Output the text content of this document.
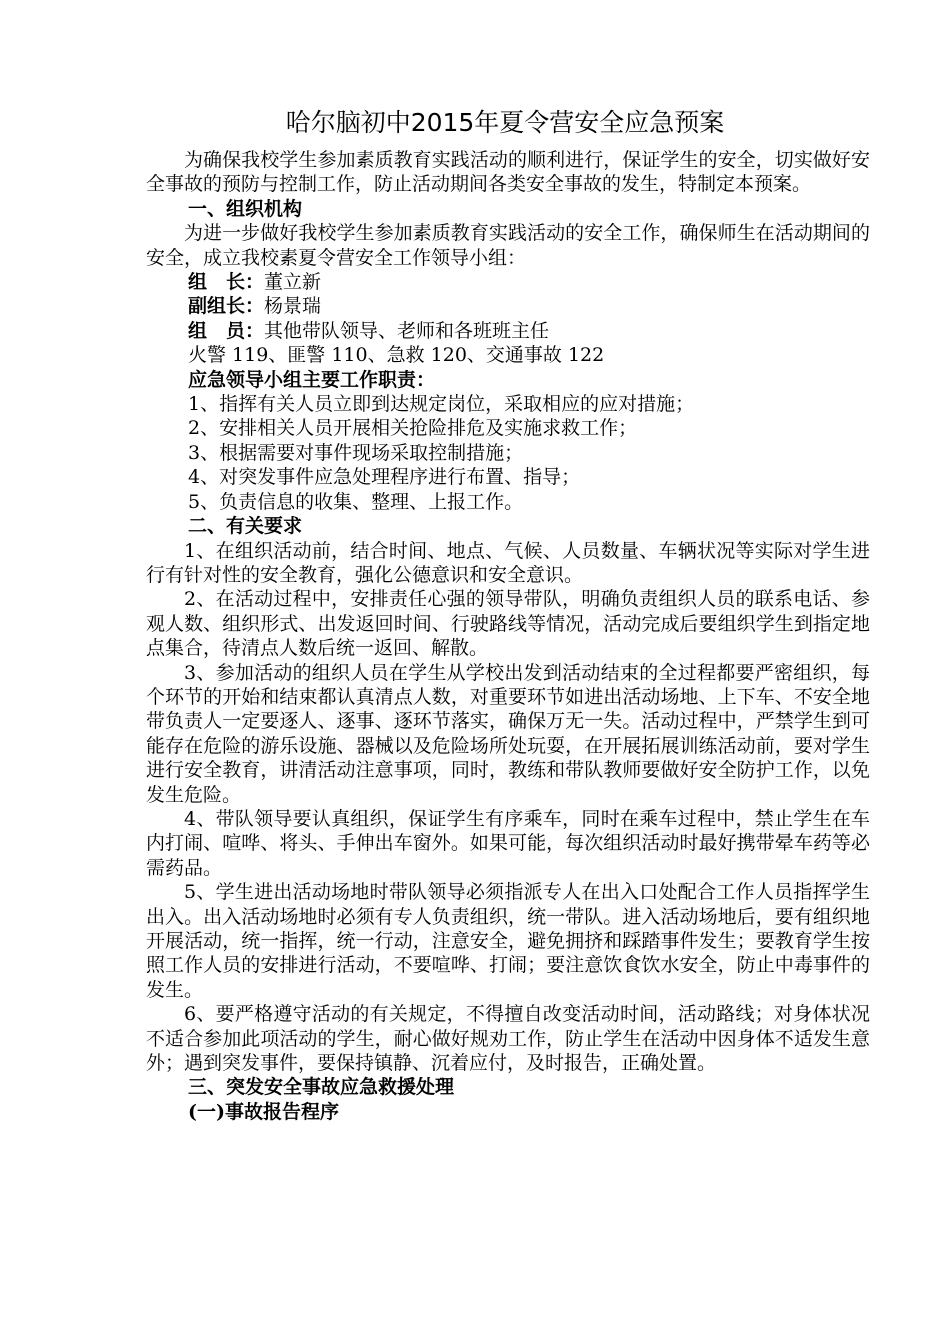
哈尔脑初中2015年夏令营安全应急预案

为确保我校学生参加素质教育实践活动的顺利进行，保证学生的安全，切实做好安全事故的预防与控制工作，防止活动期间各类安全事故的发生，特制定本预案。

一、组织机构

为进一步做好我校学生参加素质教育实践活动的安全工作，确保师生在活动期间的安全，成立我校素夏令营安全工作领导小组：

组　长：董立新

副组长：杨景瑞

组　员：其他带队领导、老师和各班班主任

火警 119、匪警 110、急救 120、交通事故 122

应急领导小组主要工作职责：

1、指挥有关人员立即到达规定岗位，采取相应的应对措施；

2、安排相关人员开展相关抢险排危及实施求救工作；

3、根据需要对事件现场采取控制措施；

4、对突发事件应急处理程序进行布置、指导；

5、负责信息的收集、整理、上报工作。

二、有关要求

1、在组织活动前，结合时间、地点、气候、人员数量、车辆状况等实际对学生进行有针对性的安全教育，强化公德意识和安全意识。

2、在活动过程中，安排责任心强的领导带队，明确负责组织人员的联系电话、参观人数、组织形式、出发返回时间、行驶路线等情况，活动完成后要组织学生到指定地点集合，待清点人数后统一返回、解散。

3、参加活动的组织人员在学生从学校出发到活动结束的全过程都要严密组织，每个环节的开始和结束都认真清点人数，对重要环节如进出活动场地、上下车、不安全地带负责人一定要逐人、逐事、逐环节落实，确保万无一失。活动过程中，严禁学生到可能存在危险的游乐设施、器械以及危险场所处玩耍，在开展拓展训练活动前，要对学生进行安全教育，讲清活动注意事项，同时，教练和带队教师要做好安全防护工作，以免发生危险。

4、带队领导要认真组织，保证学生有序乘车，同时在乘车过程中，禁止学生在车内打闹、喧哗、将头、手伸出车窗外。如果可能，每次组织活动时最好携带晕车药等必需药品。

5、学生进出活动场地时带队领导必须指派专人在出入口处配合工作人员指挥学生出入。出入活动场地时必须有专人负责组织，统一带队。进入活动场地后，要有组织地开展活动，统一指挥，统一行动，注意安全，避免拥挤和踩踏事件发生；要教育学生按照工作人员的安排进行活动，不要喧哗、打闹；要注意饮食饮水安全，防止中毒事件的发生。

6、要严格遵守活动的有关规定，不得擅自改变活动时间，活动路线；对身体状况不适合参加此项活动的学生，耐心做好规劝工作，防止学生在活动中因身体不适发生意外；遇到突发事件，要保持镇静、沉着应付，及时报告，正确处置。

三、突发安全事故应急救援处理

(一)事故报告程序
